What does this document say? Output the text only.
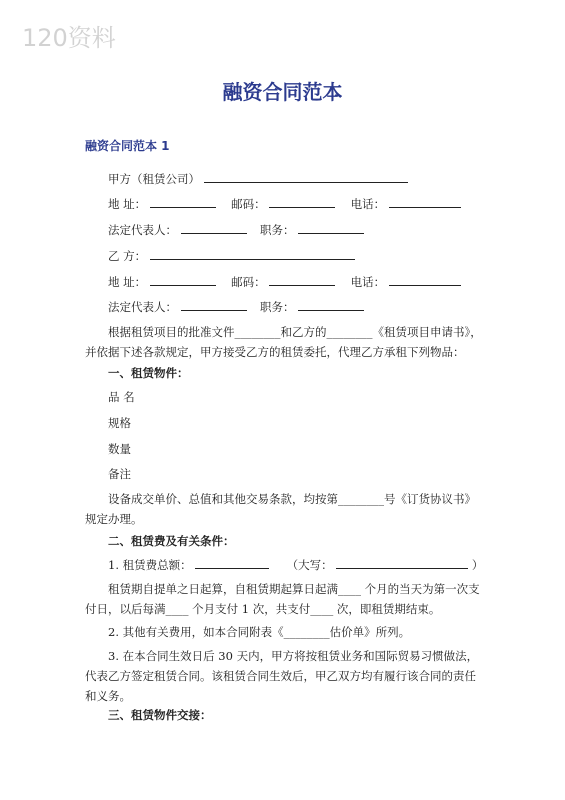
120资料
融资合同范本
融资合同范本 1
甲方（租赁公司）
地 址：	邮码：	电话：
法定代表人：	职务：
乙 方：
地 址：	邮码：	电话：
法定代表人：	职务：
根据租赁项目的批准文件________和乙方的________《租赁项目申请书》，并依据下述各款规定，甲方接受乙方的租赁委托，代理乙方承租下列物品：
一、租赁物件：
品 名
规格
数量
备注
设备成交单价、总值和其他交易条款，均按第________号《订货协议书》规定办理。
二、租赁费及有关条件：
1. 租赁费总额：	（大写：	）
租赁期自提单之日起算，自租赁期起算日起满____ 个月的当天为第一次支付日，以后每满____ 个月支付 1 次，共支付____ 次，即租赁期结束。
2. 其他有关费用，如本合同附表《________估价单》所列。
3. 在本合同生效日后 30 天内，甲方将按租赁业务和国际贸易习惯做法，代表乙方签定租赁合同。该租赁合同生效后，甲乙双方均有履行该合同的责任和义务。
三、租赁物件交接：
